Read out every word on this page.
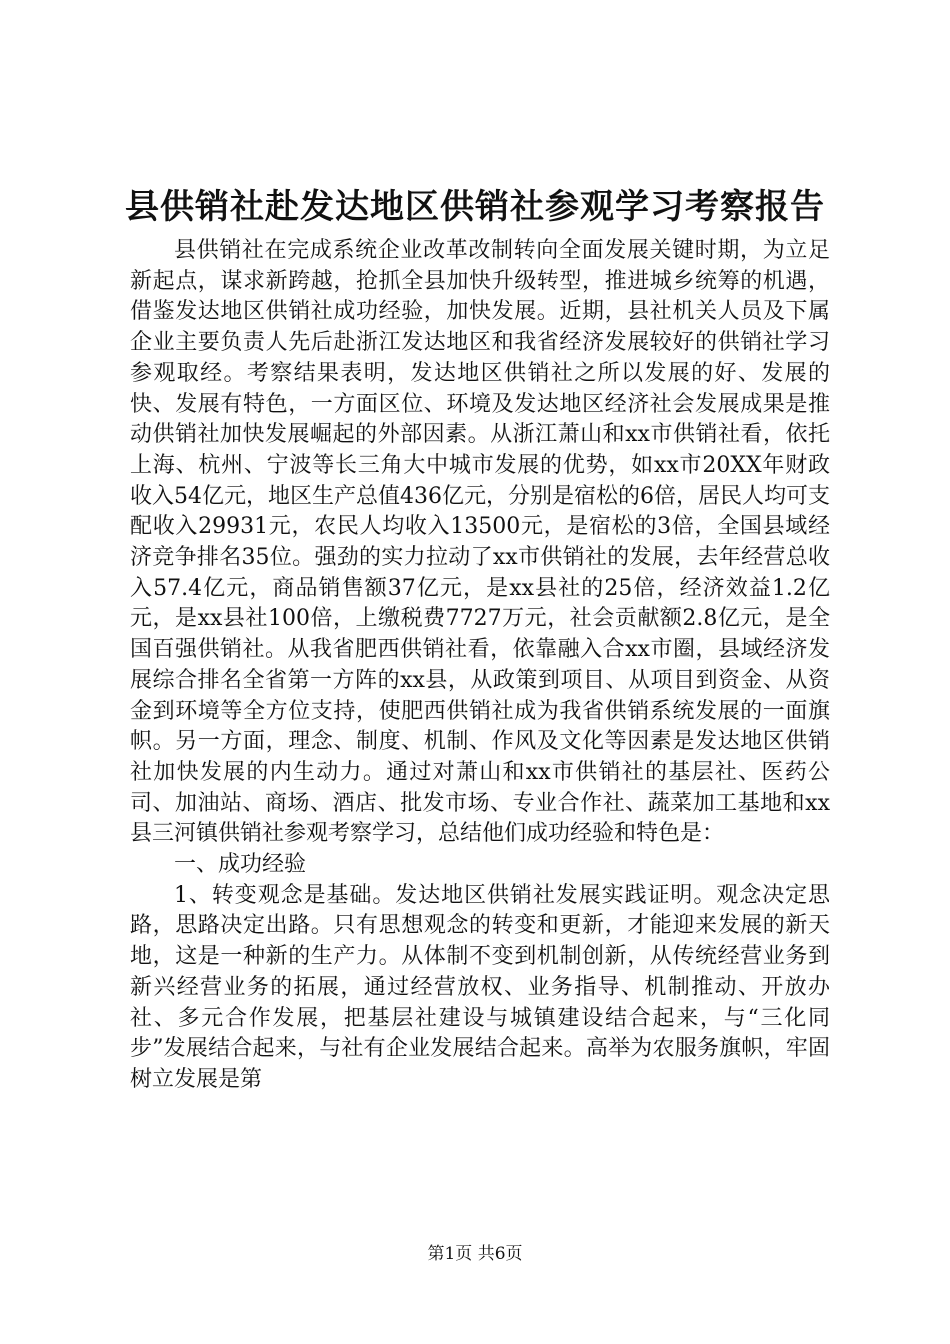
县供销社赴发达地区供销社参观学习考察报告

县供销社在完成系统企业改革改制转向全面发展关键时期，为立足新起点，谋求新跨越，抢抓全县加快升级转型，推进城乡统筹的机遇，借鉴发达地区供销社成功经验，加快发展。近期，县社机关人员及下属企业主要负责人先后赴浙江发达地区和我省经济发展较好的供销社学习参观取经。考察结果表明，发达地区供销社之所以发展的好、发展的快、发展有特色，一方面区位、环境及发达地区经济社会发展成果是推动供销社加快发展崛起的外部因素。从浙江萧山和xx市供销社看，依托上海、杭州、宁波等长三角大中城市发展的优势，如xx市20XX年财政收入54亿元，地区生产总值436亿元，分别是宿松的6倍，居民人均可支配收入29931元，农民人均收入13500元，是宿松的3倍，全国县域经济竞争排名35位。强劲的实力拉动了xx市供销社的发展，去年经营总收入57.4亿元，商品销售额37亿元，是xx县社的25倍，经济效益1.2亿元，是xx县社100倍，上缴税费7727万元，社会贡献额2.8亿元，是全国百强供销社。从我省肥西供销社看，依靠融入合xx市圈，县域经济发展综合排名全省第一方阵的xx县，从政策到项目、从项目到资金、从资金到环境等全方位支持，使肥西供销社成为我省供销系统发展的一面旗帜。另一方面，理念、制度、机制、作风及文化等因素是发达地区供销社加快发展的内生动力。通过对萧山和xx市供销社的基层社、医药公司、加油站、商场、酒店、批发市场、专业合作社、蔬菜加工基地和xx县三河镇供销社参观考察学习，总结他们成功经验和特色是：

一、成功经验

1、转变观念是基础。发达地区供销社发展实践证明。观念决定思路，思路决定出路。只有思想观念的转变和更新，才能迎来发展的新天地，这是一种新的生产力。从体制不变到机制创新，从传统经营业务到新兴经营业务的拓展，通过经营放权、业务指导、机制推动、开放办社、多元合作发展，把基层社建设与城镇建设结合起来，与“三化同步”发展结合起来，与社有企业发展结合起来。高举为农服务旗帜，牢固树立发展是第

第1页 共6页
